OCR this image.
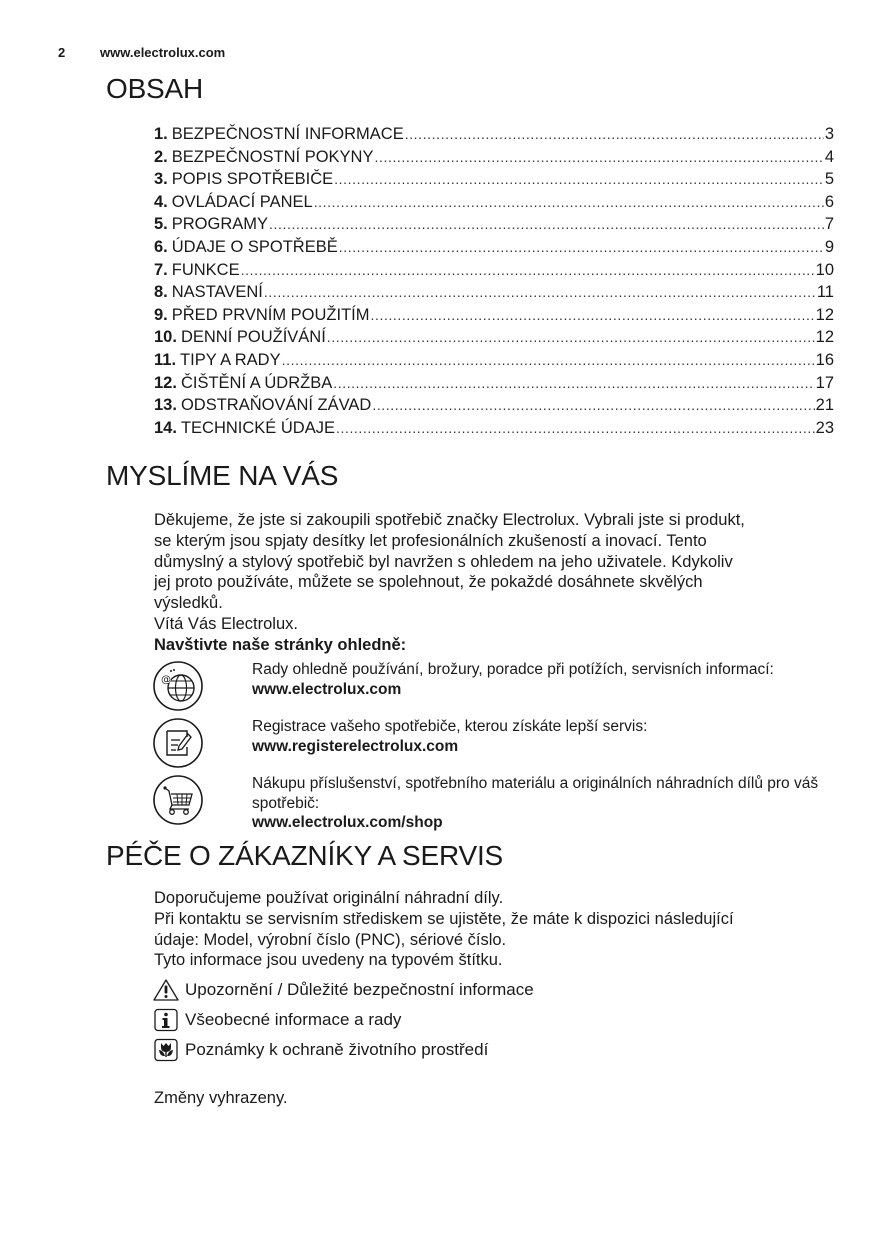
2	www.electrolux.com
OBSAH
1. BEZPEČNOSTNÍ INFORMACE .....	3
2. BEZPEČNOSTNÍ POKYNY .....	4
3. POPIS SPOTŘEBIČE .....	5
4. OVLÁDACÍ PANEL .....	6
5. PROGRAMY .....	7
6. ÚDAJE O SPOTŘEBĚ .....	9
7. FUNKCE .....	10
8. NASTAVENÍ .....	11
9. PŘED PRVNÍM POUŽITÍM .....	12
10. DENNÍ POUŽÍVÁNÍ .....	12
11. TIPY A RADY .....	16
12. ČIŠTĚNÍ A ÚDRŽBA .....	17
13. ODSTRAŇOVÁNÍ ZÁVAD .....	21
14. TECHNICKÉ ÚDAJE .....	23
MYSLÍME NA VÁS

Děkujeme, že jste si zakoupili spotřebič značky Electrolux. Vybrali jste si produkt,

se kterým jsou spjaty desítky let profesionálních zkušeností a inovací. Tento

důmyslný a stylový spotřebič byl navržen s ohledem na jeho uživatele. Kdykoliv

jej proto používáte, můžete se spolehnout, že pokaždé dosáhnete skvělých

výsledků.

Vítá Vás Electrolux.

Navštivte naše stránky ohledně:

@
Rady ohledně používání, brožury, poradce při potížích, servisních informací:
www.electrolux.com
Registrace vašeho spotřebiče, kterou získáte lepší servis:
www.registerelectrolux.com
Nákupu příslušenství, spotřebního materiálu a originálních náhradních dílů pro váš spotřebič:
www.electrolux.com/shop
PÉČE O ZÁKAZNÍKY A SERVIS

Doporučujeme používat originální náhradní díly.

Při kontaktu se servisním střediskem se ujistěte, že máte k dispozici následující

údaje: Model, výrobní číslo (PNC), sériové číslo.

Tyto informace jsou uvedeny na typovém štítku.

Upozornění / Důležité bezpečnostní informace
Všeobecné informace a rady
Poznámky k ochraně životního prostředí
Změny vyhrazeny.
